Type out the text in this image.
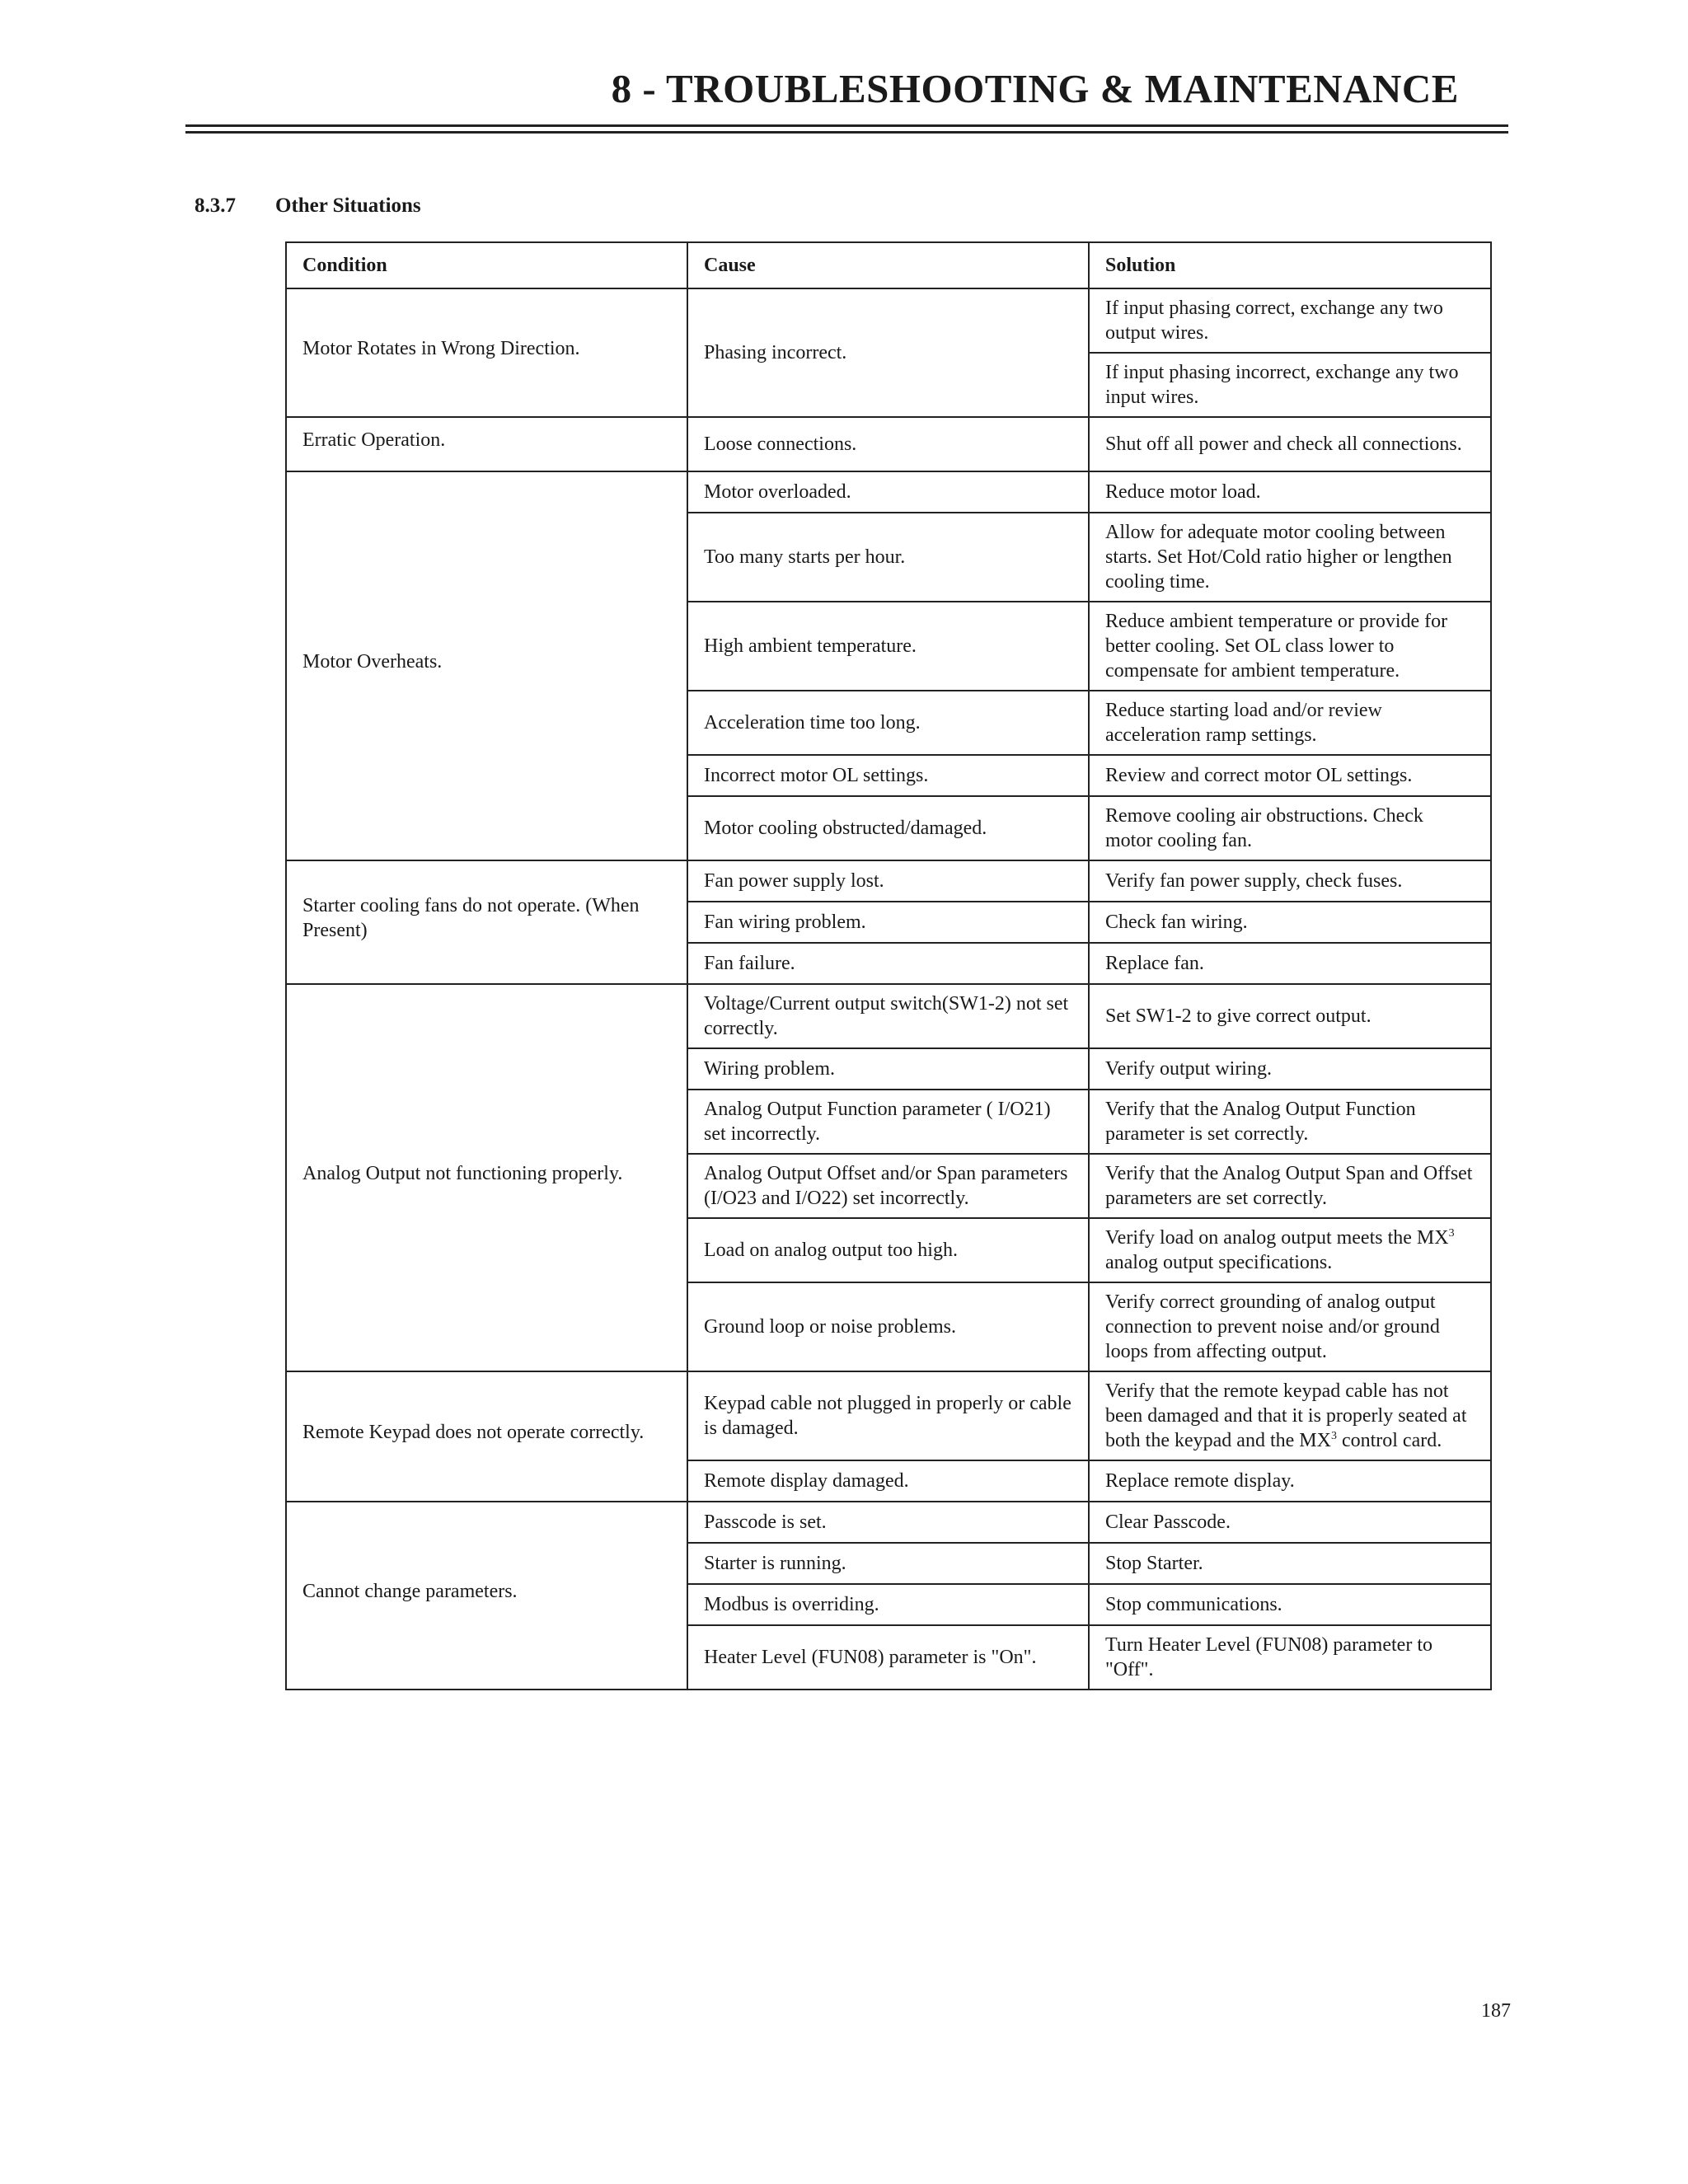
8 - TROUBLESHOOTING & MAINTENANCE
8.3.7 Other Situations
Condition	Cause	Solution
Motor Rotates in Wrong Direction.	Phasing incorrect.	If input phasing correct, exchange any two output wires.
		If input phasing incorrect, exchange any two input wires.
Erratic Operation.	Loose connections.	Shut off all power and check all connections.
Motor Overheats.	Motor overloaded.	Reduce motor load.
	Too many starts per hour.	Allow for adequate motor cooling between starts. Set Hot/Cold ratio higher or lengthen cooling time.
	High ambient temperature.	Reduce ambient temperature or provide for better cooling. Set OL class lower to compensate for ambient temperature.
	Acceleration time too long.	Reduce starting load and/or review acceleration ramp settings.
	Incorrect motor OL settings.	Review and correct motor OL settings.
	Motor cooling obstructed/damaged.	Remove cooling air obstructions. Check motor cooling fan.
Starter cooling fans do not operate. (When Present)	Fan power supply lost.	Verify fan power supply, check fuses.
	Fan wiring problem.	Check fan wiring.
	Fan failure.	Replace fan.
Analog Output not functioning properly.	Voltage/Current output switch(SW1-2) not set correctly.	Set SW1-2 to give correct output.
	Wiring problem.	Verify output wiring.
	Analog Output Function parameter ( I/O21) set incorrectly.	Verify that the Analog Output Function parameter is set correctly.
	Analog Output Offset and/or Span parameters (I/O23 and I/O22) set incorrectly.	Verify that the Analog Output Span and Offset parameters are set correctly.
	Load on analog output too high.	Verify load on analog output meets the $MX^3$ analog output specifications.
	Ground loop or noise problems.	Verify correct grounding of analog output connection to prevent noise and/or ground loops from affecting output.
Remote Keypad does not operate correctly.	Keypad cable not plugged in properly or cable is damaged.	Verify that the remote keypad cable has not been damaged and that it is properly seated at both the keypad and the $MX^3$ control card.
	Remote display damaged.	Replace remote display.
Cannot change parameters.	Passcode is set.	Clear Passcode.
	Starter is running.	Stop Starter.
	Modbus is overriding.	Stop communications.
	Heater Level (FUN08) parameter is "On".	Turn Heater Level (FUN08) parameter to "Off".
187
